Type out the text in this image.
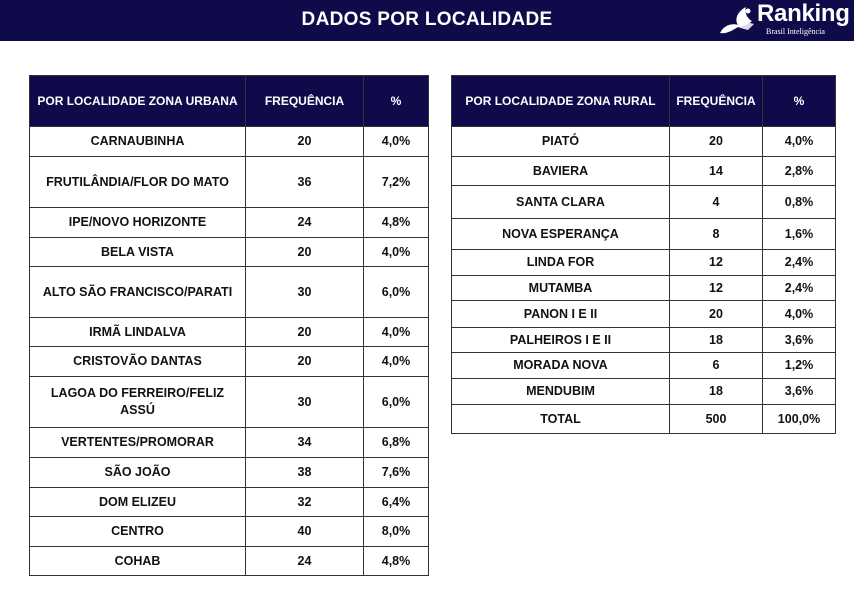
DADOS POR LOCALIDADE	Ranking
Brasil Inteligência
POR LOCALIDADE ZONA URBANA	FREQUÊNCIA	%
CARNAUBINHA	20	4,0%
FRUTILÂNDIA/FLOR DO MATO	36	7,2%
IPE/NOVO HORIZONTE	24	4,8%
BELA VISTA	20	4,0%
ALTO SÃO FRANCISCO/PARATI	30	6,0%
IRMÃ LINDALVA	20	4,0%
CRISTOVÃO DANTAS	20	4,0%
LAGOA DO FERREIRO/FELIZ ASSÚ	30	6,0%
VERTENTES/PROMORAR	34	6,8%
SÃO JOÃO	38	7,6%
DOM ELIZEU	32	6,4%
CENTRO	40	8,0%
COHAB	24	4,8%
POR LOCALIDADE ZONA RURAL	FREQUÊNCIA	%
PIATÓ	20	4,0%
BAVIERA	14	2,8%
SANTA CLARA	4	0,8%
NOVA ESPERANÇA	8	1,6%
LINDA FOR	12	2,4%
MUTAMBA	12	2,4%
PANON I E II	20	4,0%
PALHEIROS I E II	18	3,6%
MORADA NOVA	6	1,2%
MENDUBIM	18	3,6%
TOTAL	500	100,0%
